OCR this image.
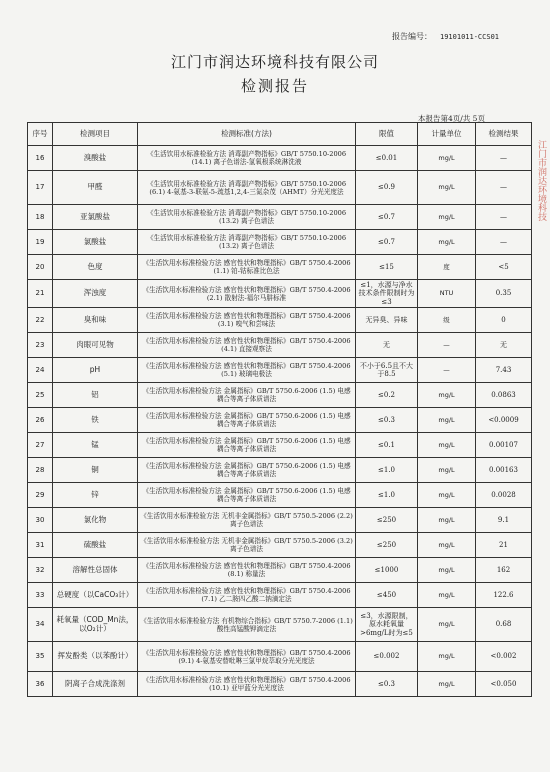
报告编号： 19101011-CCS01
江门市润达环境科技有限公司
检测报告
本报告第4页/共 5页
江门市润达环境科技
序号	检测项目	检测标准(方法)	限值	计量单位	检测结果
16	溴酸盐	《生活饮用水标准检验方法 消毒副产物指标》GB/T 5750.10-2006 (14.1) 离子色谱法-氢氧根系统淋洗液	≤0.01	mg/L	—
17	甲醛	《生活饮用水标准检验方法 消毒副产物指标》GB/T 5750.10-2006 (6.1) 4-氨基-3-联氨-5-巯基1,2,4-三氮杂茂（AHMT）分光光度法	≤0.9	mg/L	—
18	亚氯酸盐	《生活饮用水标准检验方法 消毒副产物指标》GB/T 5750.10-2006 (13.2) 离子色谱法	≤0.7	mg/L	—
19	氯酸盐	《生活饮用水标准检验方法 消毒副产物指标》GB/T 5750.10-2006 (13.2) 离子色谱法	≤0.7	mg/L	—
20	色度	《生活饮用水标准检验方法 感官性状和物理指标》GB/T 5750.4-2006 (1.1) 铂-钴标准比色法	≤15	度	<5
21	浑浊度	《生活饮用水标准检验方法 感官性状和物理指标》GB/T 5750.4-2006 (2.1) 散射法-福尔马肼标准	≤1，水源与净水技术条件限制时为≤3	NTU	0.35
22	臭和味	《生活饮用水标准检验方法 感官性状和物理指标》GB/T 5750.4-2006 (3.1) 嗅气和尝味法	无异臭、异味	级	0
23	肉眼可见物	《生活饮用水标准检验方法 感官性状和物理指标》GB/T 5750.4-2006 (4.1) 直接观察法	无	—	无
24	pH	《生活饮用水标准检验方法 感官性状和物理指标》GB/T 5750.4-2006 (5.1) 玻璃电极法	不小于6.5且不大于8.5	—	7.43
25	铝	《生活饮用水标准检验方法 金属指标》GB/T 5750.6-2006 (1.5) 电感耦合等离子体质谱法	≤0.2	mg/L	0.0863
26	铁	《生活饮用水标准检验方法 金属指标》GB/T 5750.6-2006 (1.5) 电感耦合等离子体质谱法	≤0.3	mg/L	<0.0009
27	锰	《生活饮用水标准检验方法 金属指标》GB/T 5750.6-2006 (1.5) 电感耦合等离子体质谱法	≤0.1	mg/L	0.00107
28	铜	《生活饮用水标准检验方法 金属指标》GB/T 5750.6-2006 (1.5) 电感耦合等离子体质谱法	≤1.0	mg/L	0.00163
29	锌	《生活饮用水标准检验方法 金属指标》GB/T 5750.6-2006 (1.5) 电感耦合等离子体质谱法	≤1.0	mg/L	0.0028
30	氯化物	《生活饮用水标准检验方法 无机非金属指标》GB/T 5750.5-2006 (2.2) 离子色谱法	≤250	mg/L	9.1
31	硫酸盐	《生活饮用水标准检验方法 无机非金属指标》GB/T 5750.5-2006 (3.2) 离子色谱法	≤250	mg/L	21
32	溶解性总固体	《生活饮用水标准检验方法 感官性状和物理指标》GB/T 5750.4-2006 (8.1) 称量法	≤1000	mg/L	162
33	总硬度（以CaCO₃计）	《生活饮用水标准检验方法 感官性状和物理指标》GB/T 5750.4-2006 (7.1) 乙二胺四乙酸二钠滴定法	≤450	mg/L	122.6
34	耗氧量（COD_Mn法，以O₂计）	《生活饮用水标准检验方法 有机物综合指标》GB/T 5750.7-2006 (1.1) 酸性高锰酸钾滴定法	≤3，水源限制，原水耗氧量>6mg/L时为≤5	mg/L	0.68
35	挥发酚类（以苯酚计）	《生活饮用水标准检验方法 感官性状和物理指标》GB/T 5750.4-2006 (9.1) 4-氨基安替吡啉三氯甲烷萃取分光光度法	≤0.002	mg/L	<0.002
36	阴离子合成洗涤剂	《生活饮用水标准检验方法 感官性状和物理指标》GB/T 5750.4-2006 (10.1) 亚甲蓝分光光度法	≤0.3	mg/L	<0.050
